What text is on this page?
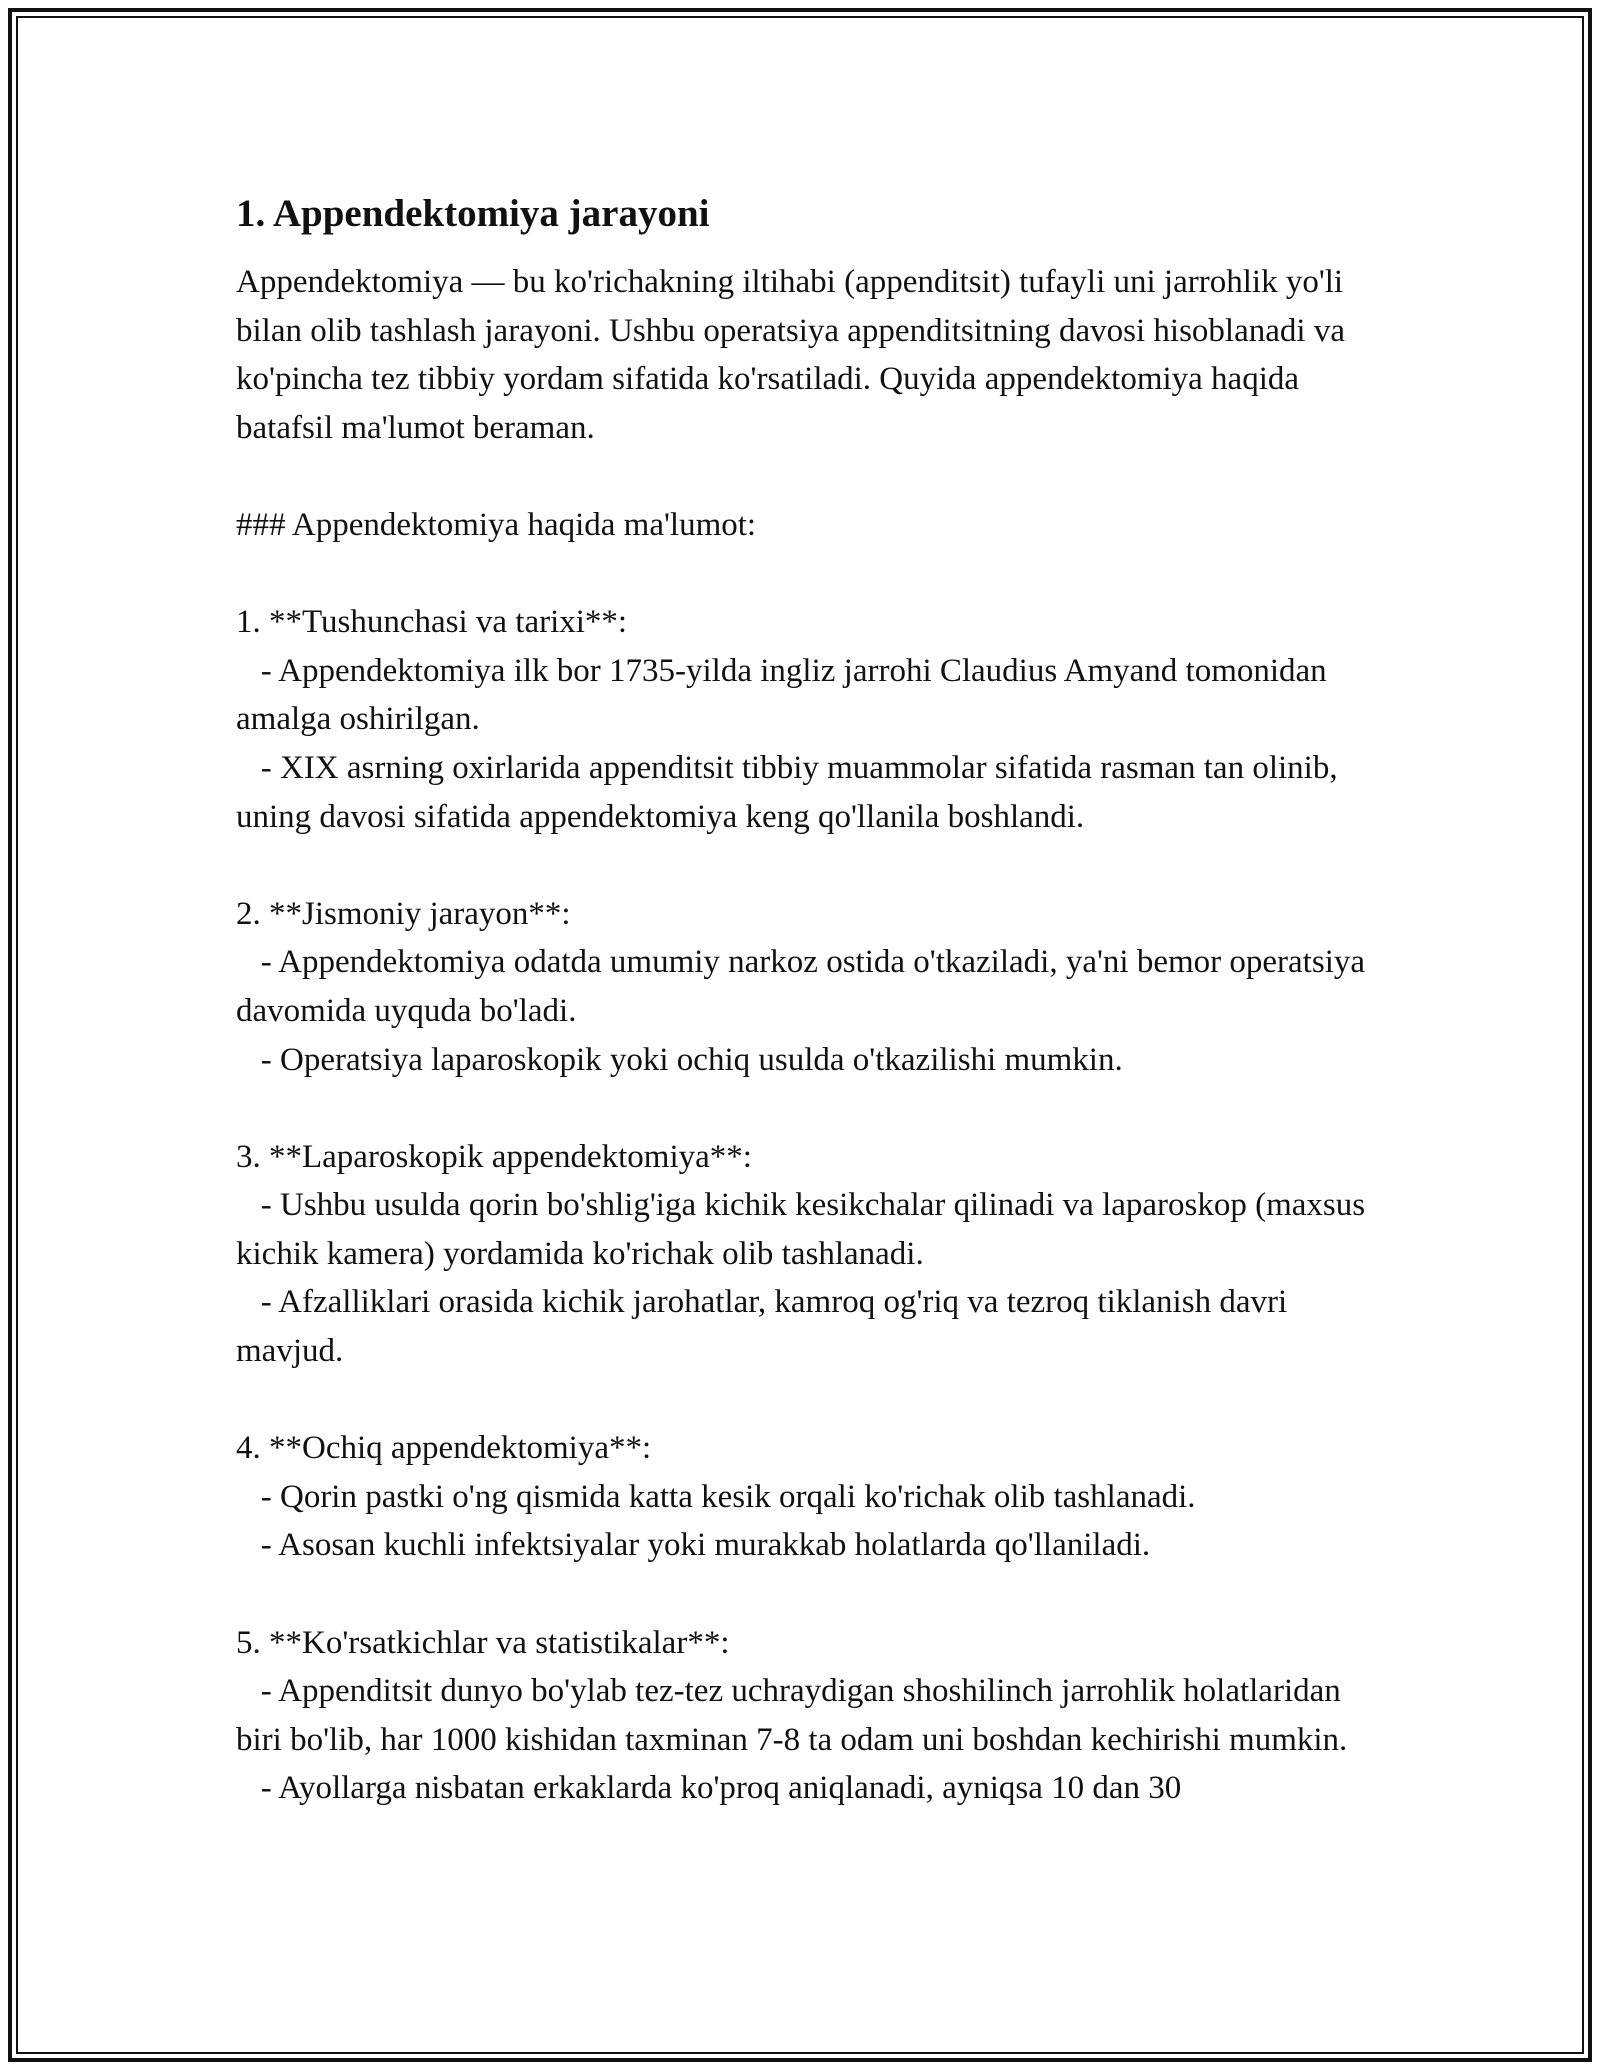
1. Appendektomiya jarayoni

Appendektomiya — bu ko'richakning iltihabi (appenditsit) tufayli uni jarrohlik yo'li bilan olib tashlash jarayoni. Ushbu operatsiya appenditsitning davosi hisoblanadi va ko'pincha tez tibbiy yordam sifatida ko'rsatiladi. Quyida appendektomiya haqida batafsil ma'lumot beraman.

### Appendektomiya haqida ma'lumot:

1. **Tushunchasi va tarixi**:

- Appendektomiya ilk bor 1735-yilda ingliz jarrohi Claudius Amyand tomonidan amalga oshirilgan.

- XIX asrning oxirlarida appenditsit tibbiy muammolar sifatida rasman tan olinib, uning davosi sifatida appendektomiya keng qo'llanila boshlandi.

2. **Jismoniy jarayon**:

- Appendektomiya odatda umumiy narkoz ostida o'tkaziladi, ya'ni bemor operatsiya davomida uyquda bo'ladi.

- Operatsiya laparoskopik yoki ochiq usulda o'tkazilishi mumkin.

3. **Laparoskopik appendektomiya**:

- Ushbu usulda qorin bo'shlig'iga kichik kesikchalar qilinadi va laparoskop (maxsus kichik kamera) yordamida ko'richak olib tashlanadi.

- Afzalliklari orasida kichik jarohatlar, kamroq og'riq va tezroq tiklanish davri mavjud.

4. **Ochiq appendektomiya**:

- Qorin pastki o'ng qismida katta kesik orqali ko'richak olib tashlanadi.

- Asosan kuchli infektsiyalar yoki murakkab holatlarda qo'llaniladi.

5. **Ko'rsatkichlar va statistikalar**:

- Appenditsit dunyo bo'ylab tez-tez uchraydigan shoshilinch jarrohlik holatlaridan biri bo'lib, har 1000 kishidan taxminan 7-8 ta odam uni boshdan kechirishi mumkin.

- Ayollarga nisbatan erkaklarda ko'proq aniqlanadi, ayniqsa 10 dan 30
